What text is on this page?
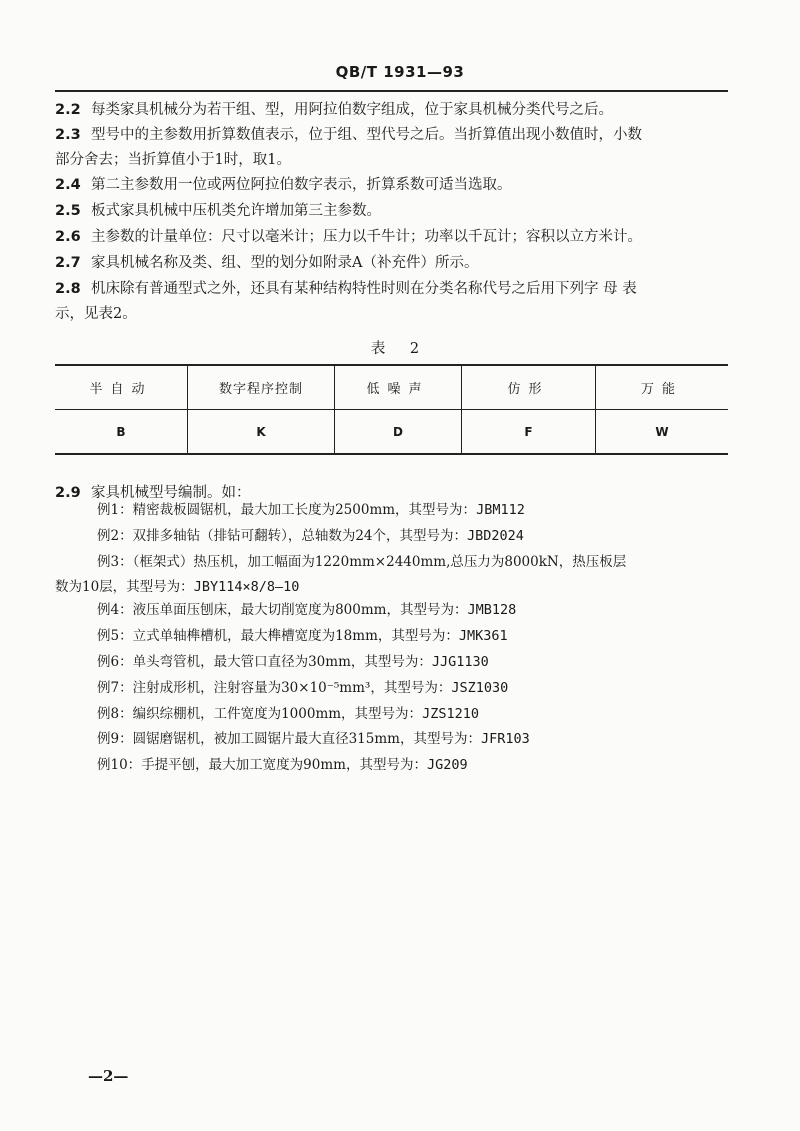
QB/T 1931—93
2.2 每类家具机械分为若干组、型，用阿拉伯数字组成，位于家具机械分类代号之后。
2.3 型号中的主参数用折算数值表示，位于组、型代号之后。当折算值出现小数值时，小数
部分舍去；当折算值小于1时，取1。
2.4 第二主参数用一位或两位阿拉伯数字表示，折算系数可适当选取。
2.5 板式家具机械中压机类允许增加第三主参数。
2.6 主参数的计量单位：尺寸以毫米计；压力以千牛计；功率以千瓦计；容积以立方米计。
2.7 家具机械名称及类、组、型的划分如附录A（补充件）所示。
2.8 机床除有普通型式之外，还具有某种结构特性时则在分类名称代号之后用下列字 母 表
示，见表2。
表 2
半自动	数字程序控制	低噪声	仿形	万能
B	K	D	F	W
2.9 家具机械型号编制。如：
例1：精密裁板圆锯机，最大加工长度为2500mm，其型号为：JBM112
例2：双排多轴钻（排钻可翻转），总轴数为24个，其型号为：JBD2024
例3：（框架式）热压机，加工幅面为1220mm×2440mm,总压力为8000kN，热压板层
数为10层，其型号为：JBY114×8/8—10
例4：液压单面压刨床，最大切削宽度为800mm，其型号为：JMB128
例5：立式单轴榫槽机，最大榫槽宽度为18mm，其型号为：JMK361
例6：单头弯管机，最大管口直径为30mm，其型号为：JJG1130
例7：注射成形机，注射容量为30×10⁻⁵mm³，其型号为：JSZ1030
例8：编织综棚机，工件宽度为1000mm，其型号为：JZS1210
例9：圆锯磨锯机，被加工圆锯片最大直径315mm，其型号为：JFR103
例10：手提平刨，最大加工宽度为90mm，其型号为：JG209
—2—
